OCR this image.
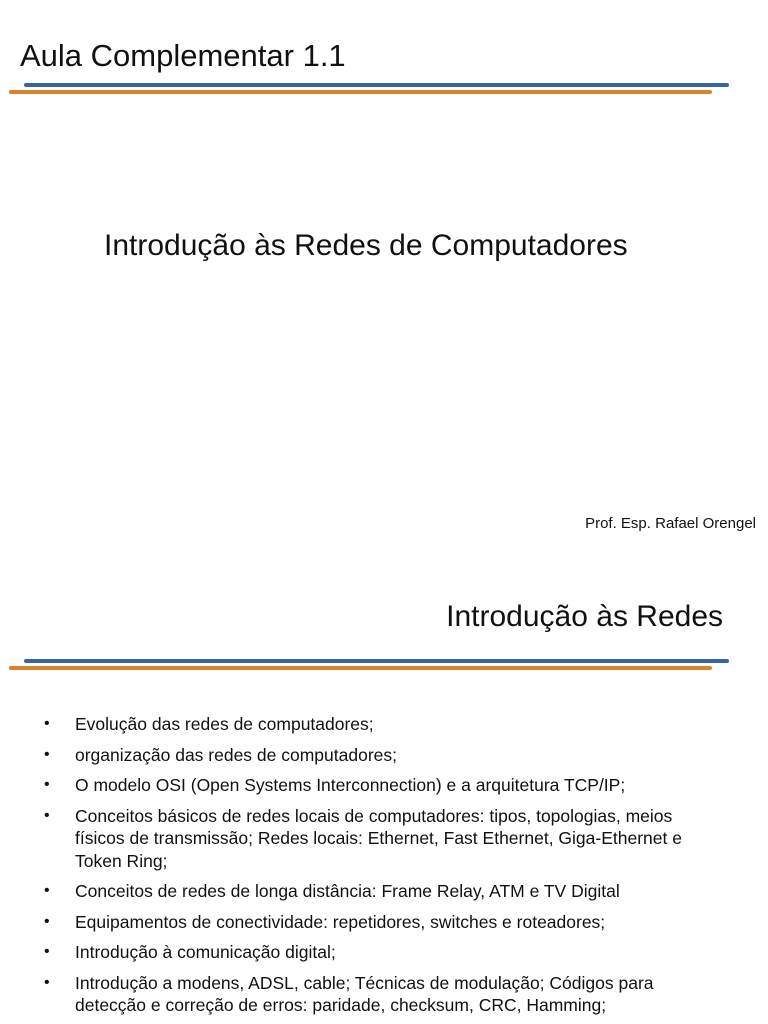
Aula Complementar 1.1
Introdução às Redes de Computadores
Prof. Esp. Rafael Orengel
Introdução às Redes
• Evolução das redes de computadores;
• organização das redes de computadores;
• O modelo OSI (Open Systems Interconnection) e a arquitetura TCP/IP;
• Conceitos básicos de redes locais de computadores: tipos, topologias, meios físicos de transmissão; Redes locais: Ethernet, Fast Ethernet, Giga-Ethernet e Token Ring;
• Conceitos de redes de longa distância: Frame Relay, ATM e TV Digital
• Equipamentos de conectividade: repetidores, switches e roteadores;
• Introdução à comunicação digital;
• Introdução a modens, ADSL, cable; Técnicas de modulação; Códigos para detecção e correção de erros: paridade, checksum, CRC, Hamming;
